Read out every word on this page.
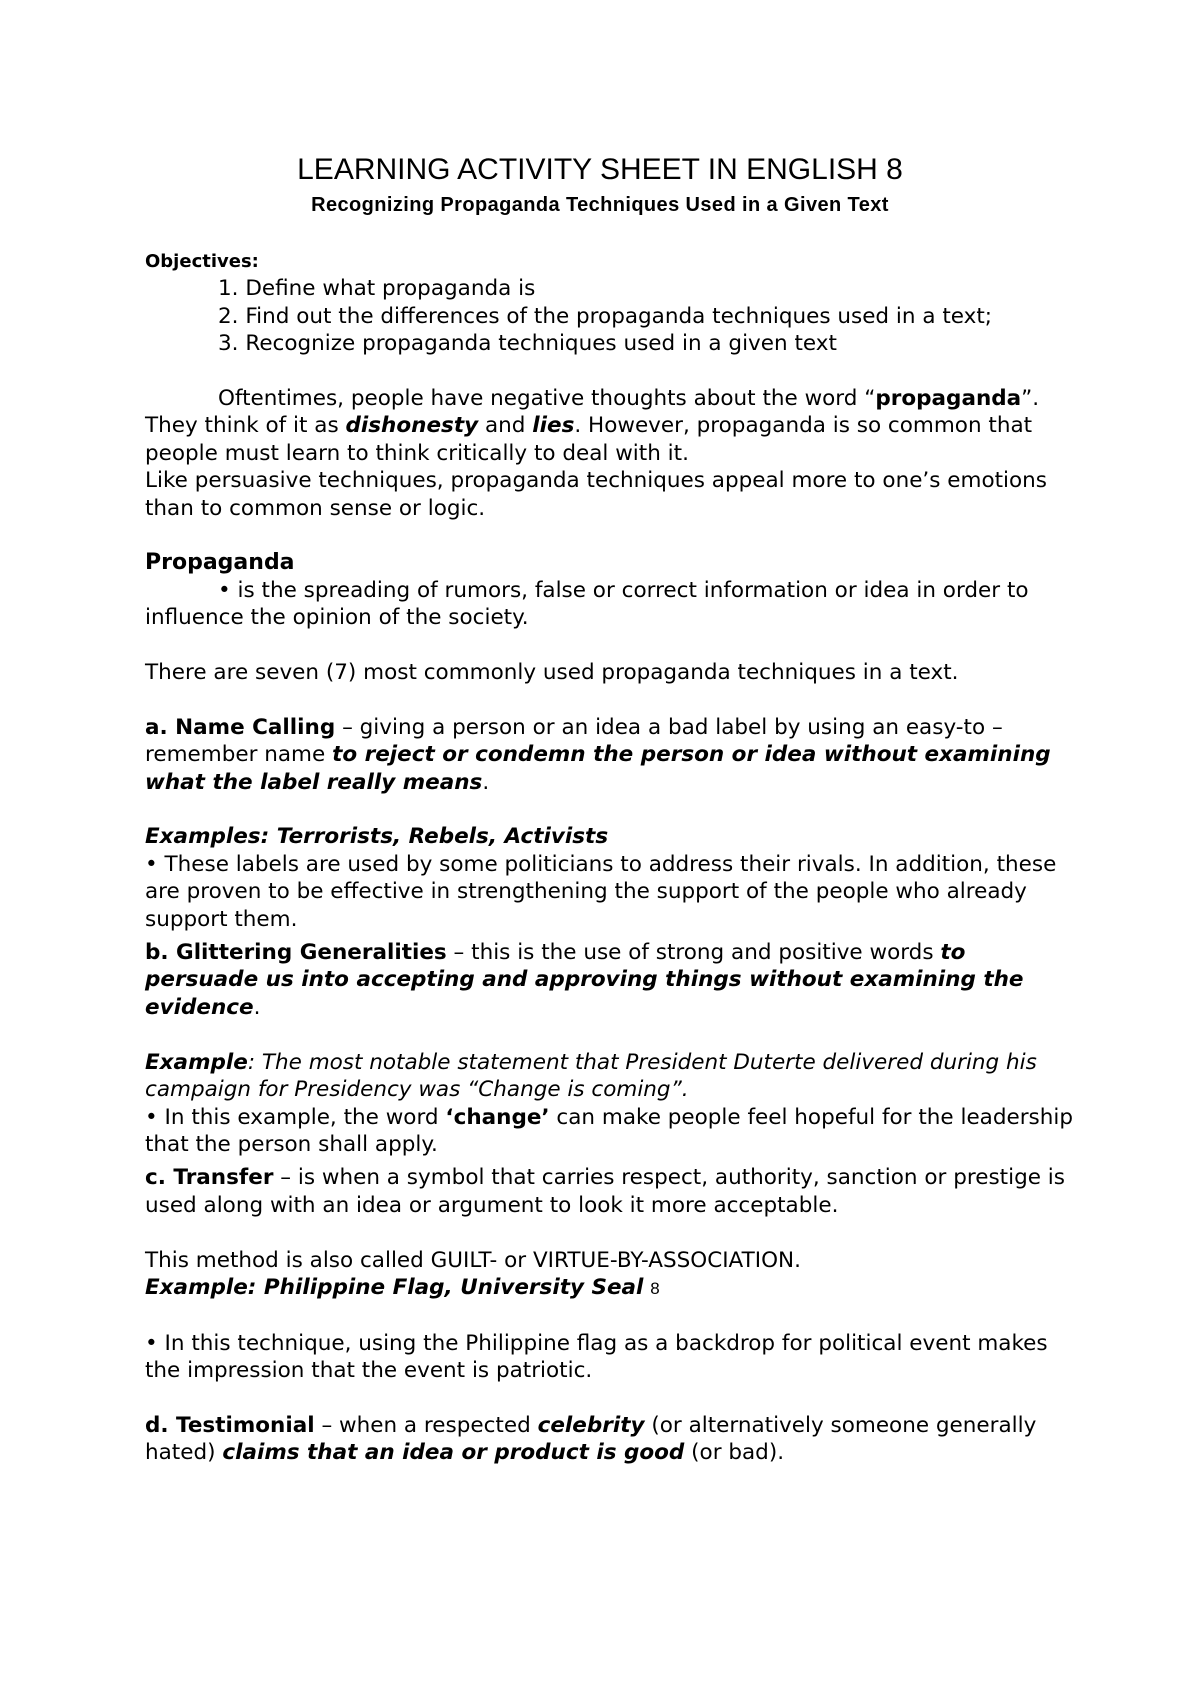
LEARNING ACTIVITY SHEET IN ENGLISH 8
Recognizing Propaganda Techniques Used in a Given Text

Objectives:

1. Define what propaganda is

2. Find out the differences of the propaganda techniques used in a text;

3. Recognize propaganda techniques used in a given text

Oftentimes, people have negative thoughts about the word “propaganda”. They think of it as dishonesty and lies. However, propaganda is so common that people must learn to think critically to deal with it.

Like persuasive techniques, propaganda techniques appeal more to one’s emotions than to common sense or logic.

Propaganda

• is the spreading of rumors, false or correct information or idea in order to influence the opinion of the society.

There are seven (7) most commonly used propaganda techniques in a text.

a. Name Calling – giving a person or an idea a bad label by using an easy-to – remember name to reject or condemn the person or idea without examining what the label really means.

Examples: Terrorists, Rebels, Activists

• These labels are used by some politicians to address their rivals. In addition, these are proven to be effective in strengthening the support of the people who already support them.

b. Glittering Generalities – this is the use of strong and positive words to persuade us into accepting and approving things without examining the evidence.

Example: The most notable statement that President Duterte delivered during his campaign for Presidency was “Change is coming”.

• In this example, the word ‘change’ can make people feel hopeful for the leadership that the person shall apply.

c. Transfer – is when a symbol that carries respect, authority, sanction or prestige is used along with an idea or argument to look it more acceptable.

This method is also called GUILT- or VIRTUE-BY-ASSOCIATION.

Example: Philippine Flag, University Seal 8

• In this technique, using the Philippine flag as a backdrop for political event makes the impression that the event is patriotic.

d. Testimonial – when a respected celebrity (or alternatively someone generally hated) claims that an idea or product is good (or bad).
